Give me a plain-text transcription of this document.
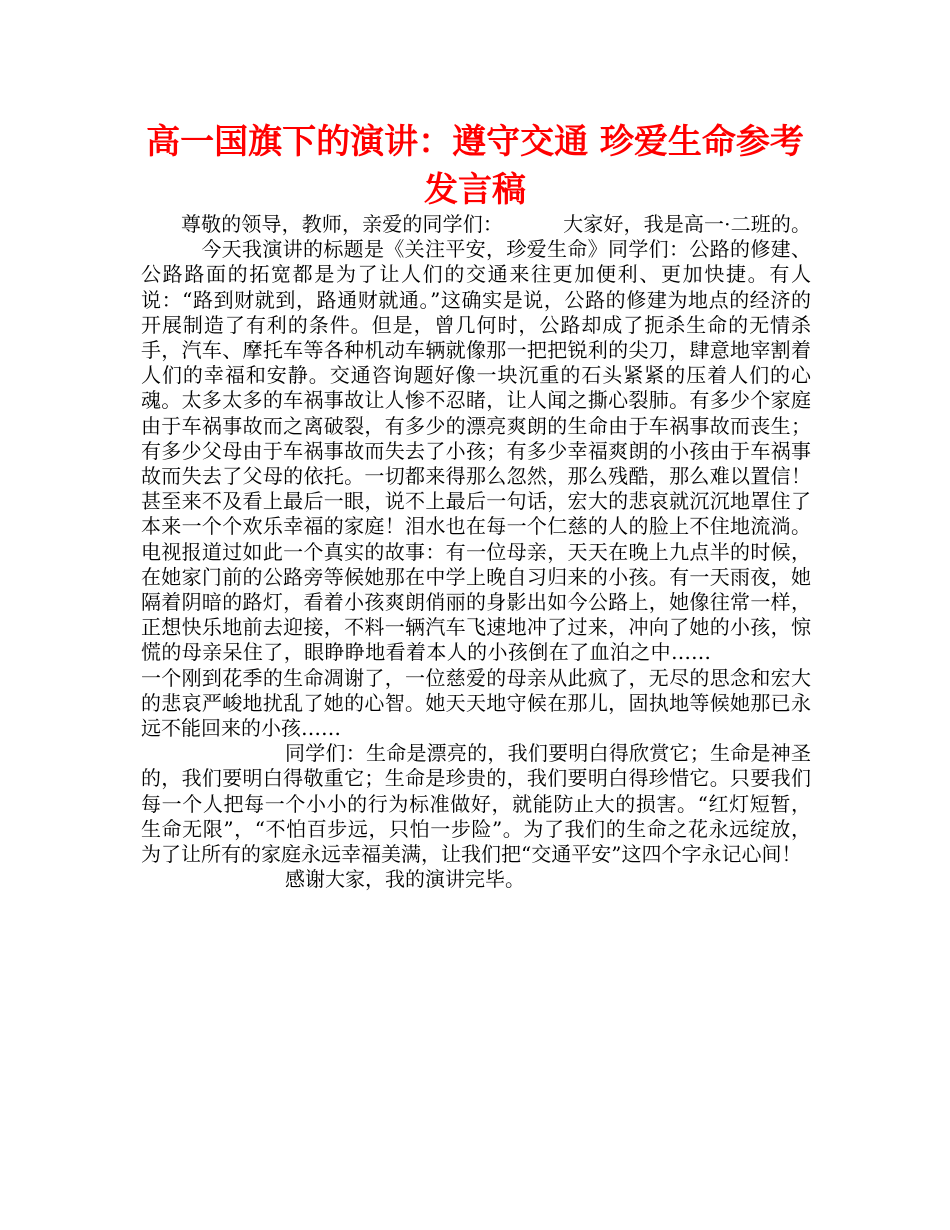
高一国旗下的演讲：遵守交通 珍爱生命参考发言稿

尊敬的领导，教师，亲爱的同学们：	大家好，我是高一·二班的。今天我演讲的标题是《关注平安，珍爱生命》同学们：公路的修建、公路路面的拓宽都是为了让人们的交通来往更加便利、更加快捷。有人说：“路到财就到，路通财就通。”这确实是说，公路的修建为地点的经济的开展制造了有利的条件。但是，曾几何时，公路却成了扼杀生命的无情杀手，汽车、摩托车等各种机动车辆就像那一把把锐利的尖刀，肆意地宰割着人们的幸福和安静。交通咨询题好像一块沉重的石头紧紧的压着人们的心魂。太多太多的车祸事故让人惨不忍睹，让人闻之撕心裂肺。有多少个家庭由于车祸事故而之离破裂，有多少的漂亮爽朗的生命由于车祸事故而丧生；有多少父母由于车祸事故而失去了小孩；有多少幸福爽朗的小孩由于车祸事故而失去了父母的依托。一切都来得那么忽然，那么残酷，那么难以置信！甚至来不及看上最后一眼，说不上最后一句话，宏大的悲哀就沉沉地罩住了本来一个个欢乐幸福的家庭！泪水也在每一个仁慈的人的脸上不住地流淌。电视报道过如此一个真实的故事：有一位母亲，天天在晚上九点半的时候，在她家门前的公路旁等候她那在中学上晚自习归来的小孩。有一天雨夜，她隔着阴暗的路灯，看着小孩爽朗俏丽的身影出如今公路上，她像往常一样，正想快乐地前去迎接，不料一辆汽车飞速地冲了过来，冲向了她的小孩，惊慌的母亲呆住了，眼睁睁地看着本人的小孩倒在了血泊之中……一个刚到花季的生命凋谢了，一位慈爱的母亲从此疯了，无尽的思念和宏大的悲哀严峻地扰乱了她的心智。她天天地守候在那儿，固执地等候她那已永远不能回来的小孩……

同学们：生命是漂亮的，我们要明白得欣赏它；生命是神圣的，我们要明白得敬重它；生命是珍贵的，我们要明白得珍惜它。只要我们每一个人把每一个小小的行为标准做好，就能防止大的损害。“红灯短暂，生命无限”，“不怕百步远，只怕一步险”。为了我们的生命之花永远绽放，为了让所有的家庭永远幸福美满，让我们把“交通平安”这四个字永记心间！

感谢大家，我的演讲完毕。
